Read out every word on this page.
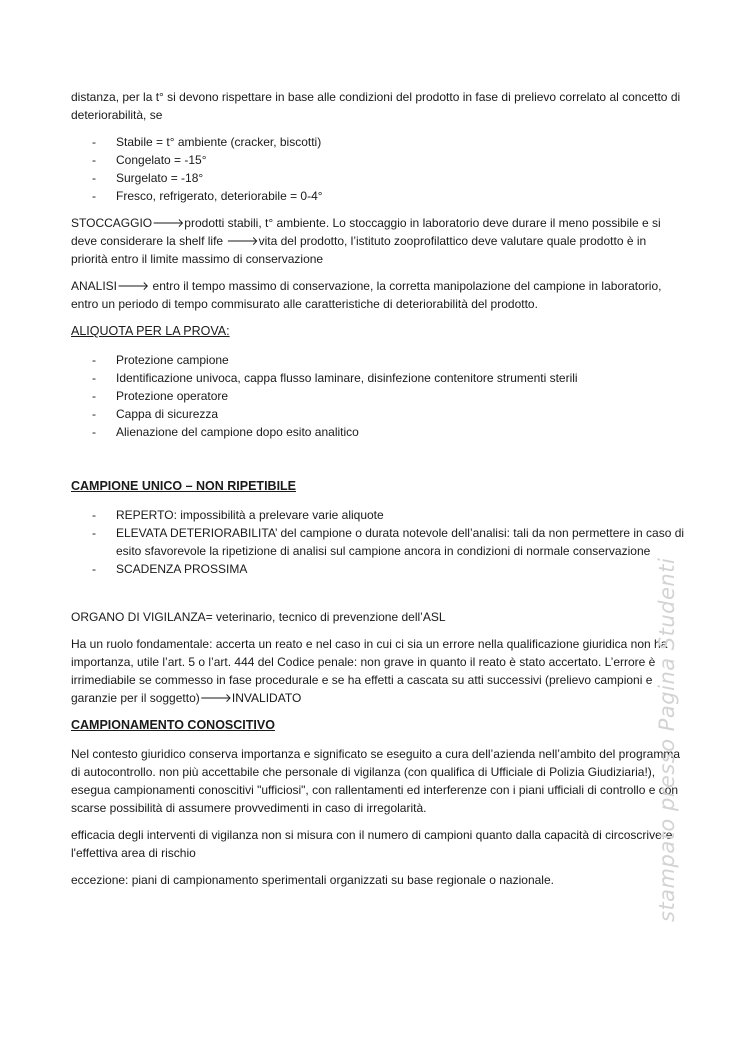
distanza, per la t° si devono rispettare in base alle condizioni del prodotto in fase di prelievo correlato al concetto di deteriorabilità, se

- Stabile = t° ambiente (cracker, biscotti)
- Congelato = -15°
- Surgelato = -18°
- Fresco, refrigerato, deteriorabile = 0-4°

STOCCAGGIO🡒prodotti stabili, t° ambiente. Lo stoccaggio in laboratorio deve durare il meno possibile e si deve considerare la shelf life 🡒vita del prodotto, l’istituto zooprofilattico deve valutare quale prodotto è in priorità entro il limite massimo di conservazione

ANALISI🡒 entro il tempo massimo di conservazione, la corretta manipolazione del campione in laboratorio, entro un periodo di tempo commisurato alle caratteristiche di deteriorabilità del prodotto.

ALIQUOTA PER LA PROVA:

- Protezione campione
- Identificazione univoca, cappa flusso laminare, disinfezione contenitore strumenti sterili
- Protezione operatore
- Cappa di sicurezza
- Alienazione del campione dopo esito analitico

CAMPIONE UNICO – NON RIPETIBILE

- REPERTO: impossibilità a prelevare varie aliquote
- ELEVATA DETERIORABILITA’ del campione o durata notevole dell’analisi: tali da non permettere in caso di esito sfavorevole la ripetizione di analisi sul campione ancora in condizioni di normale conservazione
- SCADENZA PROSSIMA

ORGANO DI VIGILANZA= veterinario, tecnico di prevenzione dell’ASL

Ha un ruolo fondamentale: accerta un reato e nel caso in cui ci sia un errore nella qualificazione giuridica non ha importanza, utile l’art. 5 o l’art. 444 del Codice penale: non grave in quanto il reato è stato accertato. L’errore è irrimediabile se commesso in fase procedurale e se ha effetti a cascata su atti successivi (prelievo campioni e garanzie per il soggetto)🡒INVALIDATO

CAMPIONAMENTO CONOSCITIVO

Nel contesto giuridico conserva importanza e significato se eseguito a cura dell’azienda nell’ambito del programma di autocontrollo. non più accettabile che personale di vigilanza (con qualifica di Ufficiale di Polizia Giudiziaria!), esegua campionamenti conoscitivi "ufficiosi", con rallentamenti ed interferenze con i piani ufficiali di controllo e con scarse possibilità di assumere provvedimenti in caso di irregolarità.

efficacia degli interventi di vigilanza non si misura con il numero di campioni quanto dalla capacità di circoscrivere l'effettiva area di rischio

eccezione: piani di campionamento sperimentali organizzati su base regionale o nazionale.	stampato presso Pagina Studenti
